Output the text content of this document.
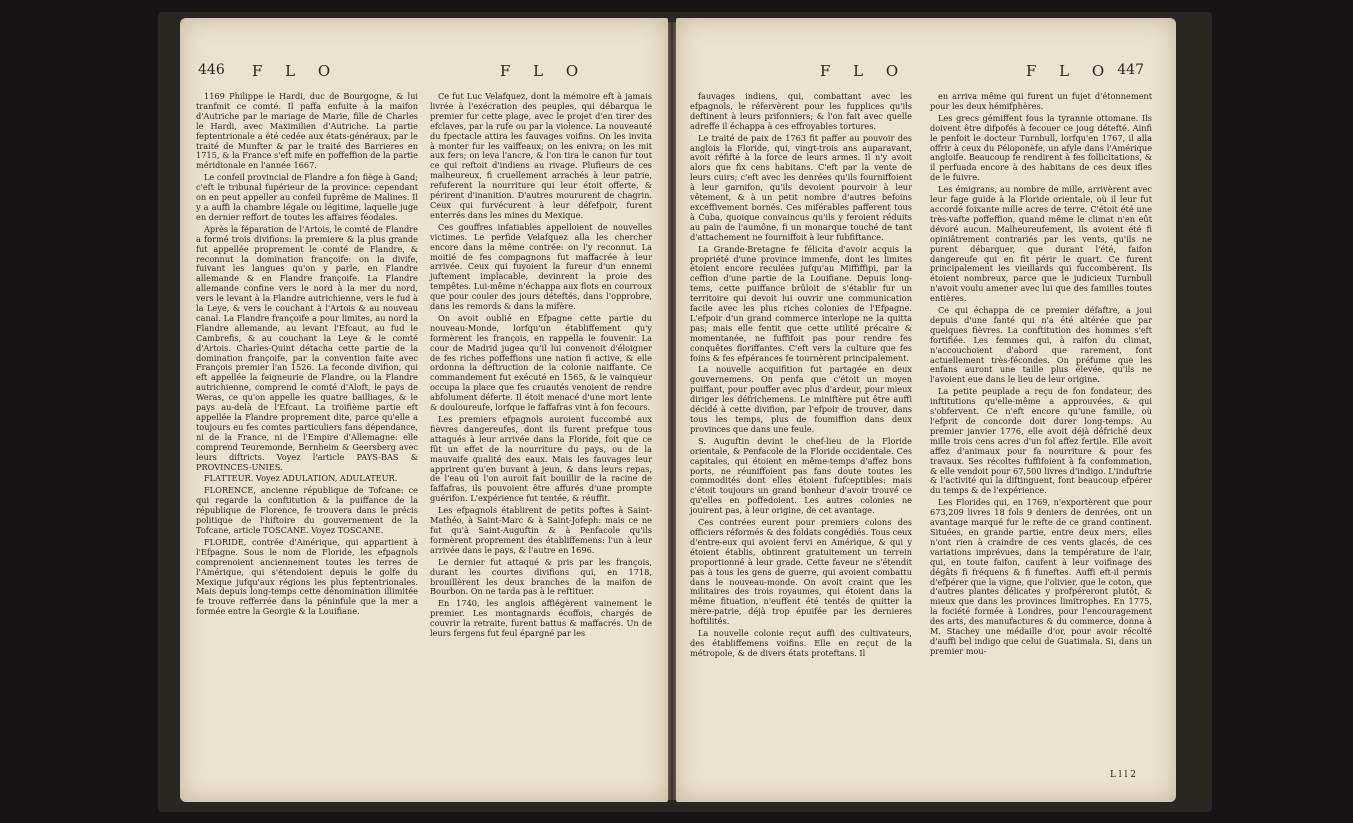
446 F L O	F L O

1169 Philippe le Hardi, duc de Bourgogne, & lui tranfmit ce comté. Il paffa enfuite à la maifon d'Autriche par le mariage de Marie, fille de Charles le Hardi, avec Maximilien d'Autriche. La partie feptentrionale a été cedée aux états-généraux, par le traité de Munfter & par le traité des Barrieres en 1715, & la France s'eft mife en poffeffion de la partie méridionale en l'année 1667.

Le confeil provincial de Flandre a fon fiège à Gand; c'eft le tribunal fupérieur de la province: cependant on en peut appeller au confeil fuprême de Malines. Il y a auffi la chambre légale ou légitime, laquelle juge en dernier reffort de toutes les affaires féodales.

Après la féparation de l'Artois, le comté de Flandre a formé trois divifions: la premiere & la plus grande fut appellée proprement le comté de Flandre, & reconnut la domination françoife: on la divife, fuivant les langues qu'on y parle, en Flandre allemande & en Flandre françoife. La Flandre allemande confine vers le nord à la mer du nord, vers le levant à la Flandre autrichienne, vers le fud à la Leye, & vers le couchant à l'Artois & au nouveau canal. La Flandre françoife a pour limites, au nord la Flandre allemande, au levant l'Efcaut, au fud le Cambrefis, & au couchant la Leye & le comté d'Artois. Charles-Quint détacha cette partie de la domination françoife, par la convention faite avec François premier l'an 1526. La feconde divifion, qui eft appellée la feigneurie de Flandre, ou la Flandre autrichienne, comprend le comté d'Aloft, le pays de Weras, ce qu'on appelle les quatre bailliages, & le pays au-delà de l'Efcaut. La troifième partie eft appellée la Flandre proprement dite, parce qu'elle a toujours eu fes comtes particuliers fans dépendance, ni de la France, ni de l'Empire d'Allemagne: elle comprend Teuremonde, Bernheim & Geersberg avec leurs diftricts. Voyez l'article PAYS-BAS & PROVINCES-UNIES.

FLATTEUR. Voyez ADULATION, ADULATEUR.

FLORENCE, ancienne république de Tofcane: ce qui regarde la conftitution & la puiffance de la république de Florence, fe trouvera dans le précis politique de l'hiftoire du gouvernement de la Tofcane, article TOSCANE. Voyez TOSCANE.

FLORIDE, contrée d'Amérique, qui appartient à l'Efpagne. Sous le nom de Floride, les efpagnols comprenoient anciennement toutes les terres de l'Amérique, qui s'étendoient depuis le golfe du Mexique jufqu'aux régions les plus feptentrionales. Mais depuis long-temps cette dénomination illimitée fe trouve refferrée dans la péninfule que la mer a formée entre la Georgie & la Louifiane.

Ce fut Luc Velafquez, dont la mémoire eft à jamais livrée à l'exécration des peuples, qui débarqua le premier fur cette plage, avec le projet d'en tirer des efclaves, par la rufe ou par la violence. La nouveauté du fpectacle attira les fauvages voifins. On les invita à monter fur les vaiffeaux; on les enivra; on les mit aux fers; on leva l'ancre, & l'on tira le canon fur tout ce qui reftoit d'indiens au rivage. Plufieurs de ces malheureux, fi cruellement arrachés à leur patrie, refuferent la nourriture qui leur étoit offerte, & périrent d'inanition. D'autres moururent de chagrin. Ceux qui furvécurent à leur défefpoir, furent enterrés dans les mines du Mexique.

Ces gouffres infatiables appelloient de nouvelles victimes. Le perfide Velafquez alla les chercher encore dans la même contrée: on l'y reconnut. La moitié de fes compagnons fut maffacrée à leur arrivée. Ceux qui fuyoient la fureur d'un ennemi juftement implacable, devinrent la proie des tempêtes. Lui-même n'échappa aux flots en courroux que pour couler des jours déteftés, dans l'opprobre, dans les remords & dans la mifère.

On avoit oublié en Efpagne cette partie du nouveau-Monde, lorfqu'un établiffement qu'y formèrent les françois, en rappella le fouvenir. La cour de Madrid jugea qu'il lui convenoit d'éloigner de fes riches poffeffions une nation fi active, & elle ordonna la deftruction de la colonie naiffante. Ce commandement fut exécuté en 1565, & le vainqueur occupa la place que fes cruautés venoient de rendre abfolument déferte. Il étoit menacé d'une mort lente & douloureufe, lorfque le faffafras vint à fon fecours.

Les premiers efpagnols auroient fuccombé aux fièvres dangereufes, dont ils furent prefque tous attaqués à leur arrivée dans la Floride, foit que ce fût un effet de la nourriture du pays, ou de la mauvaife qualité des eaux. Mais les fauvages leur apprirent qu'en buvant à jeun, & dans leurs repas, de l'eau où l'on auroit fait bouillir de la racine de faffafras, ils pouvoient être affurés d'une prompte guérifon. L'expérience fut tentée, & réuffit.

Les efpagnols établirent de petits poftes à Saint-Mathéo, à Saint-Marc & à Saint-Jofeph: mais ce ne fut qu'à Saint-Auguftin & à Penfacole qu'ils formèrent proprement des établiffemens: l'un à leur arrivée dans le pays, & l'autre en 1696.

Le dernier fut attaqué & pris par les françois, durant les courtes divifions qui, en 1718, brouillèrent les deux branches de la maifon de Bourbon. On ne tarda pas à le reftituer.

En 1740, les anglois affiégèrent vainement le premier. Les montagnards écoffois, chargés de couvrir la retraite, furent battus & maffacrés. Un de leurs fergens fut feul épargné par les

F L O	F L O 447

fauvages indiens, qui, combattant avec les efpagnols, le réfervèrent pour les fupplices qu'ils deftinent à leurs prifonniers; & l'on fait avec quelle adreffe il échappa à ces effroyables tortures.

Le traité de paix de 1763 fit paffer au pouvoir des anglois la Floride, qui, vingt-trois ans auparavant, avoit réfifté à la force de leurs armes. Il n'y avoit alors que fix cens habitans. C'eft par la vente de leurs cuirs; c'eft avec les denrées qu'ils fourniffoient à leur garnifon, qu'ils devoient pourvoir à leur vêtement, & à un petit nombre d'autres befoins exceffivement bornés. Ces miférables pafferent tous à Cuba, quoique convaincus qu'ils y feroient réduits au pain de l'aumône, fi un monarque touché de tant d'attachement ne fourniffoit à leur fubfiftance.

La Grande-Bretagne fe félicita d'avoir acquis la propriété d'une province immenfe, dont les limites étoient encore reculées jufqu'au Miffiffipi, par la ceffion d'une partie de la Louifiane. Depuis long-tems, cette puiffance brûloit de s'établir fur un territoire qui devoit lui ouvrir une communication facile avec les plus riches colonies de l'Efpagne. L'efpoir d'un grand commerce interlope ne la quitta pas; mais elle fentit que cette utilité précaire & momentanée, ne fuffifoit pas pour rendre fes conquêtes floriffantes. C'eft vers la culture que fes foins & fes efpérances fe tournèrent principalement.

La nouvelle acquifition fut partagée en deux gouvernemens. On penfa que c'étoit un moyen puiffant, pour pouffer avec plus d'ardeur, pour mieux diriger les défrichemens. Le miniftère put être auffi décidé à cette divifion, par l'efpoir de trouver, dans tous les temps, plus de foumiffion dans deux provinces que dans une feule.

S. Auguftin devint le chef-lieu de la Floride orientale, & Penfacole de la Floride occidentale. Ces capitales, qui étoient en même-temps d'affez bons ports, ne réuniffoient pas fans doute toutes les commodités dont elles étoient fufceptibles: mais c'étoit toujours un grand bonheur d'avoir trouvé ce qu'elles en poffedoient. Les autres colonies ne jouirent pas, à leur origine, de cet avantage.

Ces contrées eurent pour premiers colons des officiers réformés & des foldats congédiés. Tous ceux d'entre-eux qui avoient fervi en Amérique, & qui y étoient établis, obtinrent gratuitement un terrein proportionné à leur grade. Cette faveur ne s'étendit pas à tous les gens de guerre, qui avoient combattu dans le nouveau-monde. On avoit craint que les militaires des trois royaumes, qui étoient dans la même fituation, n'euffent été tentés de quitter la mère-patrie, déjà trop épuifée par les dernieres hoftilités.

La nouvelle colonie reçut auffi des cultivateurs, des établiffemens voifins. Elle en reçut de la métropole, & de divers états proteftans. Il

en arriva même qui furent un fujet d'étonnement pour les deux hémifphères.

Les grecs gémiffent fous la tyrannie ottomane. Ils doivent être difpofés à fecouer ce joug détefté. Ainfi le penfoit le docteur Turnbull, lorfqu'en 1767, il alla offrir à ceux du Péloponèfe, un afyle dans l'Amérique angloife. Beaucoup fe rendirent à fes follicitations, & il perfuada encore à des habitans de ces deux ifles de le fuivre.

Les émigrans, au nombre de mille, arrivèrent avec leur fage guide à la Floride orientale, où il leur fut accordé foixante mille acres de terre. C'étoit été une très-vafte poffeffion, quand même le climat n'en eût dévoré aucun. Malheureufement, ils avoient été fi opiniâtrement contrariés par les vents, qu'ils ne purent débarquer, que durant l'été, faifon dangereufe qui en fit périr le quart. Ce furent principalement les vieillards qui fuccombèrent. Ils étoient nombreux, parce que le judicieux Turnbull n'avoit voulu amener avec lui que des familles toutes entières.

Ce qui échappa de ce premier défaftre, a joui depuis d'une fanté qui n'a été altérée que par quelques fièvres. La conftitution des hommes s'eft fortifiée. Les femmes qui, à raifon du climat, n'accouchoient d'abord que rarement, font actuellement très-fécondes. On préfume que les enfans auront une taille plus élevée, qu'ils ne l'avoient eue dans le lieu de leur origine.

La petite peuplade a reçu de fon fondateur, des inftitutions qu'elle-même a approuvées, & qui s'obfervent. Ce n'eft encore qu'une famille, où l'efprit de concorde doit durer long-temps. Au premier janvier 1776, elle avoit déjà défriché deux mille trois cens acres d'un fol affez fertile. Elle avoit affez d'animaux pour fa nourriture & pour fes travaux. Ses récoltes fuffifoient à fa confommation, & elle vendoit pour 67,500 livres d'indigo. L'induftrie & l'activité qui la diftinguent, font beaucoup efpérer du temps & de l'expérience.

Les Florides qui, en 1769, n'exportèrent que pour 673,209 livres 18 fols 9 deniers de denrées, ont un avantage marqué fur le refte de ce grand continent. Situées, en grande partie, entre deux mers, elles n'ont rien à craindre de ces vents glacés, de ces variations imprévues, dans la température de l'air, qui, en toute faifon, caufent à leur voifinage des dégâts fi fréquens & fi funeftes. Auffi eft-il permis d'efpérer que la vigne, que l'olivier, que le coton, que d'autres plantes délicates y profpéreront plutôt, & mieux que dans les provinces limitrophes. En 1775, la fociété formée à Londres, pour l'encouragement des arts, des manufactures & du commerce, donna à M. Stachey une médaille d'or, pour avoir récolté d'auffi bel indigo que celui de Guatimala. Si, dans un premier mou-

L l l 2
